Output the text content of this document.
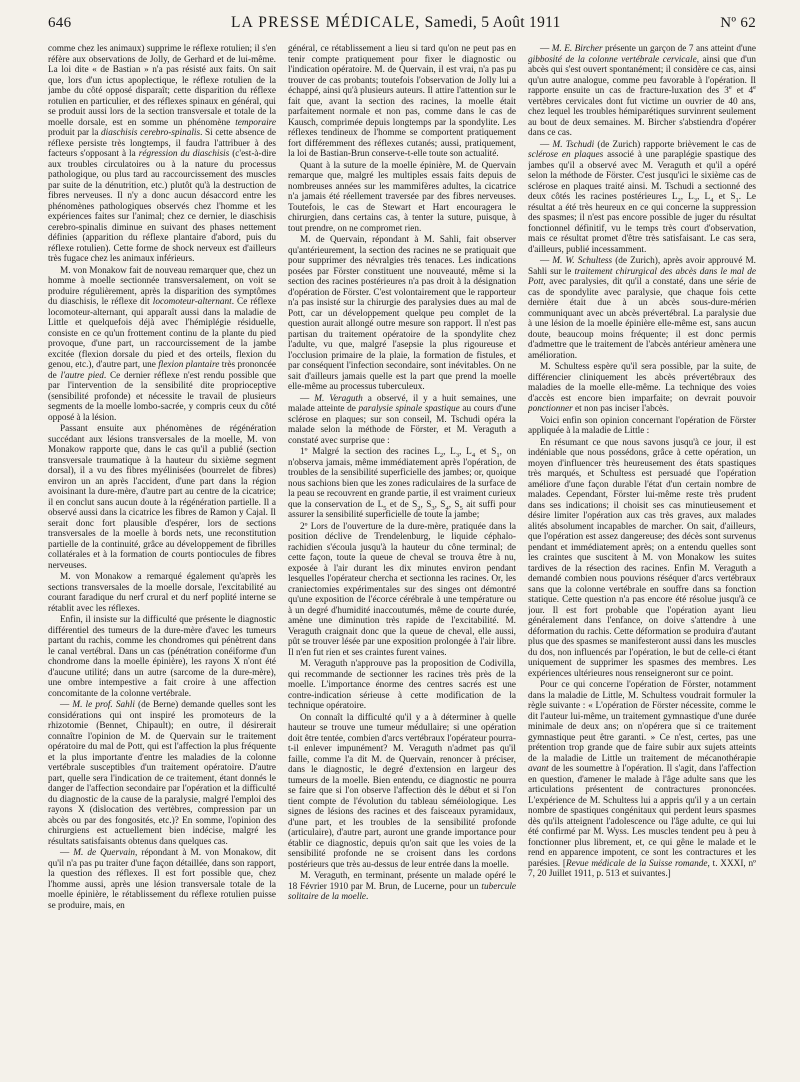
646	LA PRESSE MÉDICALE, Samedi, 5 Août 1911	Nº 62

comme chez les animaux) supprime le réflexe rotulien; il s'en réfère aux observations de Jolly, de Gerhard et de lui-même. La loi dite « de Bastian » n'a pas résisté aux faits. On sait que, lors d'un ictus apoplectique, le réflexe rotulien de la jambe du côté opposé disparaît; cette disparition du réflexe rotulien en particulier, et des réflexes spinaux en général, qui se produit aussi lors de la section transversale et totale de la moelle dorsale, est en somme un phénomène temporaire produit par la diaschisis cerebro-spinalis. Si cette absence de réflexe persiste très longtemps, il faudra l'attribuer à des facteurs s'opposant à la régression du diaschisis (c'est-à-dire aux troubles circulatoires ou à la nature du processus pathologique, ou plus tard au raccourcissement des muscles par suite de la dénutrition, etc.) plutôt qu'à la destruction de fibres nerveuses. Il n'y a donc aucun désaccord entre les phénomènes pathologiques observés chez l'homme et les expériences faites sur l'animal; chez ce dernier, le diaschisis cerebro-spinalis diminue en suivant des phases nettement définies (apparition du réflexe plantaire d'abord, puis du réflexe rotulien). Cette forme de shock nerveux est d'ailleurs très fugace chez les animaux inférieurs.

M. von Monakow fait de nouveau remarquer que, chez un homme à moelle sectionnée transversalement, on voit se produire régulièrement, après la disparition des symptômes du diaschisis, le réflexe dit locomoteur-alternant. Ce réflexe locomoteur-alternant, qui apparaît aussi dans la maladie de Little et quelquefois déjà avec l'hémiplégie résiduelle, consiste en ce qu'un frottement continu de la plante du pied provoque, d'une part, un raccourcissement de la jambe excitée (flexion dorsale du pied et des orteils, flexion du genou, etc.), d'autre part, une flexion plantaire très prononcée de l'autre pied. Ce dernier réflexe n'est rendu possible que par l'intervention de la sensibilité dite proprioceptive (sensibilité profonde) et nécessite le travail de plusieurs segments de la moelle lombo-sacrée, y compris ceux du côté opposé à la lésion.

Passant ensuite aux phénomènes de régénération succédant aux lésions transversales de la moelle, M. von Monakow rapporte que, dans le cas qu'il a publié (section transversale traumatique à la hauteur du sixième segment dorsal), il a vu des fibres myélinisées (bourrelet de fibres) environ un an après l'accident, d'une part dans la région avoisinant la dure-mère, d'autre part au centre de la cicatrice; il en conclut sans aucun doute à la régénération partielle. Il a observé aussi dans la cicatrice les fibres de Ramon y Cajal. Il serait donc fort plausible d'espérer, lors de sections transversales de la moelle à bords nets, une reconstitution partielle de la continuité, grâce au développement de fibrilles collatérales et à la formation de courts pontiocules de fibres nerveuses.

M. von Monakow a remarqué également qu'après les sections transversales de la moelle dorsale, l'excitabilité au courant faradique du nerf crural et du nerf poplité interne se rétablit avec les réflexes.

Enfin, il insiste sur la difficulté que présente le diagnostic différentiel des tumeurs de la dure-mère d'avec les tumeurs partant du rachis, comme les chondromes qui pénètrent dans le canal vertébral. Dans un cas (pénétration conéiforme d'un chondrome dans la moelle épinière), les rayons X n'ont été d'aucune utilité; dans un autre (sarcome de la dure-mère), une ombre intempestive a fait croire à une affection concomitante de la colonne vertébrale.

— M. le prof. Sahli (de Berne) demande quelles sont les considérations qui ont inspiré les promoteurs de la rhizotomie (Bennet, Chipault); en outre, il désirerait connaître l'opinion de M. de Quervain sur le traitement opératoire du mal de Pott, qui est l'affection la plus fréquente et la plus importante d'entre les maladies de la colonne vertébrale susceptibles d'un traitement opératoire. D'autre part, quelle sera l'indication de ce traitement, étant donnés le danger de l'affection secondaire par l'opération et la difficulté du diagnostic de la cause de la paralysie, malgré l'emploi des rayons X (dislocation des vertèbres, compression par un abcès ou par des fongosités, etc.)? En somme, l'opinion des chirurgiens est actuellement bien indécise, malgré les résultats satisfaisants obtenus dans quelques cas.

— M. de Quervain, répondant à M. von Monakow, dit qu'il n'a pas pu traiter d'une façon détaillée, dans son rapport, la question des réflexes. Il est fort possible que, chez l'homme aussi, après une lésion transversale totale de la moelle épinière, le rétablissement du réflexe rotulien puisse se produire, mais, en

général, ce rétablissement a lieu si tard qu'on ne peut pas en tenir compte pratiquement pour fixer le diagnostic ou l'indication opératoire. M. de Quervain, il est vrai, n'a pas pu trouver de cas probants; toutefois l'observation de Jolly lui a échappé, ainsi qu'à plusieurs auteurs. Il attire l'attention sur le fait que, avant la section des racines, la moelle était parfaitement normale et non pas, comme dans le cas de Kausch, comprimée depuis longtemps par la spondylite. Les réflexes tendineux de l'homme se comportent pratiquement fort différemment des réflexes cutanés; aussi, pratiquement, la loi de Bastian-Brun conserve-t-elle toute son actualité.

Quant à la suture de la moelle épinière, M. de Quervain remarque que, malgré les multiples essais faits depuis de nombreuses années sur les mammifères adultes, la cicatrice n'a jamais été réellement traversée par des fibres nerveuses. Toutefois, le cas de Stewart et Hart encouragera le chirurgien, dans certains cas, à tenter la suture, puisque, à tout prendre, on ne compromet rien.

M. de Quervain, répondant à M. Sahli, fait observer qu'antérieurement, la section des racines ne se pratiquait que pour supprimer des névralgies très tenaces. Les indications posées par Förster constituent une nouveauté, même si la section des racines postérieures n'a pas droit à la désignation d'opération de Förster. C'est volontairement que le rapporteur n'a pas insisté sur la chirurgie des paralysies dues au mal de Pott, car un développement quelque peu complet de la question aurait allongé outre mesure son rapport. Il n'est pas partisan du traitement opératoire de la spondylite chez l'adulte, vu que, malgré l'asepsie la plus rigoureuse et l'occlusion primaire de la plaie, la formation de fistules, et par conséquent l'infection secondaire, sont inévitables. On ne sait d'ailleurs jamais quelle est la part que prend la moelle elle-même au processus tuberculeux.

— M. Veraguth a observé, il y a huit semaines, une malade atteinte de paralysie spinale spastique au cours d'une sclérose en plaques; sur son conseil, M. Tschudi opéra la malade selon la méthode de Förster, et M. Veraguth a constaté avec surprise que :

1º Malgré la section des racines $L_2$, $L_3$, $L_4$ et $S_1$, on n'observa jamais, même immédiatement après l'opération, de troubles de la sensibilité superficielle des jambes; or, quoique nous sachions bien que les zones radiculaires de la surface de la peau se recouvrent en grande partie, il est vraiment curieux que la conservation de $L_5$ et de $S_2$, $S_3$, $S_4$, $S_5$ ait suffi pour assurer la sensibilité superficielle de toute la jambe;

2º Lors de l'ouverture de la dure-mère, pratiquée dans la position déclive de Trendelenburg, le liquide céphalo-rachidien s'écoula jusqu'à la hauteur du cône terminal; de cette façon, toute la queue de cheval se trouva être à nu, exposée à l'air durant les dix minutes environ pendant lesquelles l'opérateur chercha et sectionna les racines. Or, les craniectomies expérimentales sur des singes ont démontré qu'une exposition de l'écorce cérébrale à une température ou à un degré d'humidité inaccoutumés, même de courte durée, amène une diminution très rapide de l'excitabilité. M. Veraguth craignait donc que la queue de cheval, elle aussi, pût se trouver lésée par une exposition prolongée à l'air libre. Il n'en fut rien et ses craintes furent vaines.

M. Veraguth n'approuve pas la proposition de Codivilla, qui recommande de sectionner les racines très près de la moelle. L'importance énorme des centres sacrés est une contre-indication sérieuse à cette modification de la technique opératoire.

On connaît la difficulté qu'il y a à déterminer à quelle hauteur se trouve une tumeur médullaire; si une opération doit être tentée, combien d'arcs vertébraux l'opérateur pourra-t-il enlever impunément? M. Veraguth n'admet pas qu'il faille, comme l'a dit M. de Quervain, renoncer à préciser, dans le diagnostic, le degré d'extension en largeur des tumeurs de la moelle. Bien entendu, ce diagnostic ne pourra se faire que si l'on observe l'affection dès le début et si l'on tient compte de l'évolution du tableau séméiologique. Les signes de lésions des racines et des faisceaux pyramidaux, d'une part, et les troubles de la sensibilité profonde (articulaire), d'autre part, auront une grande importance pour établir ce diagnostic, depuis qu'on sait que les voies de la sensibilité profonde ne se croisent dans les cordons postérieurs que très au-dessus de leur entrée dans la moelle.

M. Veraguth, en terminant, présente un malade opéré le 18 Février 1910 par M. Brun, de Lucerne, pour un tubercule solitaire de la moelle.

— M. E. Bircher présente un garçon de 7 ans atteint d'une gibbosité de la colonne vertébrale cervicale, ainsi que d'un abcès qui s'est ouvert spontanément; il considère ce cas, ainsi qu'un autre analogue, comme peu favorable à l'opération. Il rapporte ensuite un cas de fracture-luxation des 3e et 4e vertèbres cervicales dont fut victime un ouvrier de 40 ans, chez lequel les troubles hémiparétiques survinrent seulement au bout de deux semaines. M. Bircher s'abstiendra d'opérer dans ce cas.

— M. Tschudi (de Zurich) rapporte brièvement le cas de sclérose en plaques associé à une paraplégie spastique des jambes qu'il a observé avec M. Veraguth et qu'il a opéré selon la méthode de Förster. C'est jusqu'ici le sixième cas de sclérose en plaques traité ainsi. M. Tschudi a sectionné des deux côtés les racines postérieures $L_2$, $L_3$, $L_4$ et $S_1$. Le résultat a été très heureux en ce qui concerne la suppression des spasmes; il n'est pas encore possible de juger du résultat fonctionnel définitif, vu le temps très court d'observation, mais ce résultat promet d'être très satisfaisant. Le cas sera, d'ailleurs, publié incessamment.

— M. W. Schultess (de Zurich), après avoir approuvé M. Sahli sur le traitement chirurgical des abcès dans le mal de Pott, avec paralysies, dit qu'il a constaté, dans une série de cas de spondylite avec paralysie, que chaque fois cette dernière était due à un abcès sous-dure-mérien communiquant avec un abcès prévertébral. La paralysie due à une lésion de la moelle épinière elle-même est, sans aucun doute, beaucoup moins fréquente; il est donc permis d'admettre que le traitement de l'abcès antérieur amènera une amélioration.

M. Schultess espère qu'il sera possible, par la suite, de différencier cliniquement les abcès prévertébraux des maladies de la moelle elle-même. La technique des voies d'accès est encore bien imparfaite; on devrait pouvoir ponctionner et non pas inciser l'abcès.

Voici enfin son opinion concernant l'opération de Förster appliquée à la maladie de Little :

En résumant ce que nous savons jusqu'à ce jour, il est indéniable que nous possédons, grâce à cette opération, un moyen d'influencer très heureusement des états spastiques très marqués, et Schultess est persuadé que l'opération améliore d'une façon durable l'état d'un certain nombre de malades. Cependant, Förster lui-même reste très prudent dans ses indications; il choisit ses cas minutieusement et désire limiter l'opération aux cas très graves, aux malades alités absolument incapables de marcher. On sait, d'ailleurs, que l'opération est assez dangereuse; des décès sont survenus pendant et immédiatement après; on a entendu quelles sont les craintes que suscitent à M. von Monakow les suites tardives de la résection des racines. Enfin M. Veraguth a demandé combien nous pouvions réséquer d'arcs vertébraux sans que la colonne vertébrale en souffre dans sa fonction statique. Cette question n'a pas encore été résolue jusqu'à ce jour. Il est fort probable que l'opération ayant lieu généralement dans l'enfance, on doive s'attendre à une déformation du rachis. Cette déformation se produira d'autant plus que des spasmes se manifesteront aussi dans les muscles du dos, non influencés par l'opération, le but de celle-ci étant uniquement de supprimer les spasmes des membres. Les expériences ultérieures nous renseigneront sur ce point.

Pour ce qui concerne l'opération de Förster, notamment dans la maladie de Little, M. Schultess voudrait formuler la règle suivante : « L'opération de Förster nécessite, comme le dit l'auteur lui-même, un traitement gymnastique d'une durée minimale de deux ans; on n'opérera que si ce traitement gymnastique peut être garanti. » Ce n'est, certes, pas une prétention trop grande que de faire subir aux sujets atteints de la maladie de Little un traitement de mécanothérapie avant de les soumettre à l'opération. Il s'agit, dans l'affection en question, d'amener le malade à l'âge adulte sans que les articulations présentent de contractures prononcées. L'expérience de M. Schultess lui a appris qu'il y a un certain nombre de spastiques congénitaux qui perdent leurs spasmes dès qu'ils atteignent l'adolescence ou l'âge adulte, ce qui lui été confirmé par M. Wyss. Les muscles tendent peu à peu à fonctionner plus librement, et, ce qui gêne le malade et le rend en apparence impotent, ce sont les contractures et les parésies. [Revue médicale de la Suisse romande, t. XXXI, nº 7, 20 Juillet 1911, p. 513 et suivantes.]
